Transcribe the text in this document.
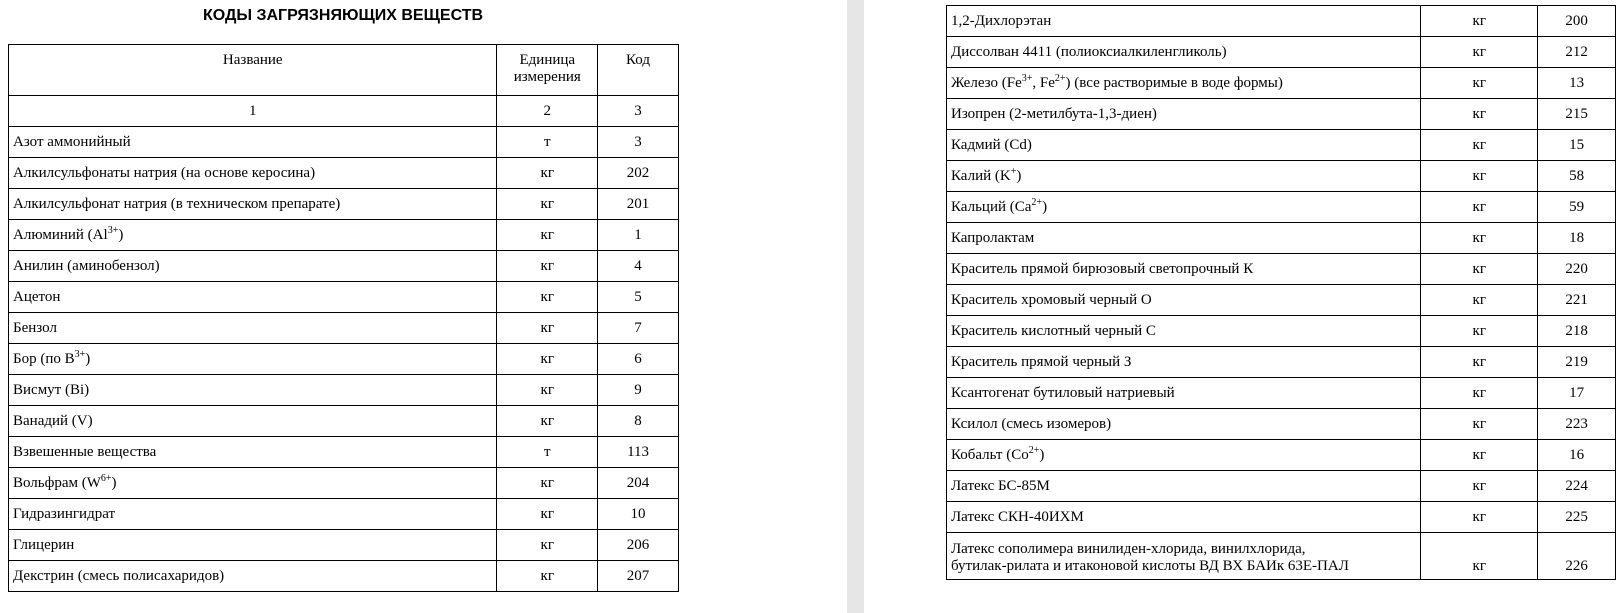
КОДЫ ЗАГРЯЗНЯЮЩИХ ВЕЩЕСТВ
Название	Единица измерения	Код
1	2	3
Азот аммонийный	т	3
Алкилсульфонаты натрия (на основе керосина)	кг	202
Алкилсульфонат натрия (в техническом препарате)	кг	201
Алюминий $(Al^{3+})$	кг	1
Анилин (аминобензол)	кг	4
Ацетон	кг	5
Бензол	кг	7
Бор (по $B^{3+}$)	кг	6
Висмут (Bi)	кг	9
Ванадий (V)	кг	8
Взвешенные вещества	т	113
Вольфрам $(W^{6+})$	кг	204
Гидразингидрат	кг	10
Глицерин	кг	206
Декстрин (смесь полисахаридов)	кг	207
1,2-Дихлорэтан	кг	200
Диссолван 4411 (полиоксиалкиленгликоль)	кг	212
Железо ($Fe^{3+}$, $Fe^{2+}$) (все растворимые в воде формы)	кг	13
Изопрен (2-метилбута-1,3-диен)	кг	215
Кадмий (Cd)	кг	15
Калий (K+)	кг	58
Кальций $(Ca^{2+})$	кг	59
Капролактам	кг	18
Краситель прямой бирюзовый светопрочный К	кг	220
Краситель хромовый черный О	кг	221
Краситель кислотный черный С	кг	218
Краситель прямой черный З	кг	219
Ксантогенат бутиловый натриевый	кг	17
Ксилол (смесь изомеров)	кг	223
Кобальт $(Co^{2+})$	кг	16
Латекс БС-85М	кг	224
Латекс СКН-40ИХМ	кг	225

Латекс сополимера винилиден-хлорида, винилхлорида,
бутилак-рилата и итаконовой кислоты ВД ВХ БАИк 63Е-ПАЛ	кг	226
